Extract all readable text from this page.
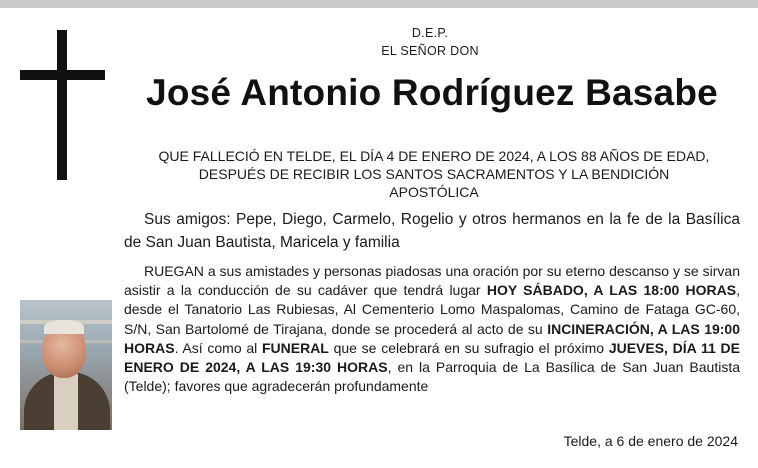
D.E.P.
EL SEÑOR DON
José Antonio Rodríguez Basabe
QUE FALLECIÓ EN TELDE, EL DÍA 4 DE ENERO DE 2024, A LOS 88 AÑOS DE EDAD,
DESPUÉS DE RECIBIR LOS SANTOS SACRAMENTOS Y LA BENDICIÓN
APOSTÓLICA
Sus amigos: Pepe, Diego, Carmelo, Rogelio y otros hermanos en la fe de la Basílica de San Juan Bautista, Maricela y familia
RUEGAN a sus amistades y personas piadosas una oración por su eterno descanso y se sirvan asistir a la conducción de su cadáver que tendrá lugar HOY SÁBADO, A LAS 18:00 HORAS, desde el Tanatorio Las Rubiesas, Al Cementerio Lomo Maspalomas, Camino de Fataga GC-60, S/N, San Bartolomé de Tirajana, donde se procederá al acto de su INCINERACIÓN, A LAS 19:00 HORAS. Así como al FUNERAL que se celebrará en su sufragio el próximo JUEVES, DÍA 11 DE ENERO DE 2024, A LAS 19:30 HORAS, en la Parroquia de La Basílica de San Juan Bautista (Telde); favores que agradecerán profundamente
Telde, a 6 de enero de 2024
